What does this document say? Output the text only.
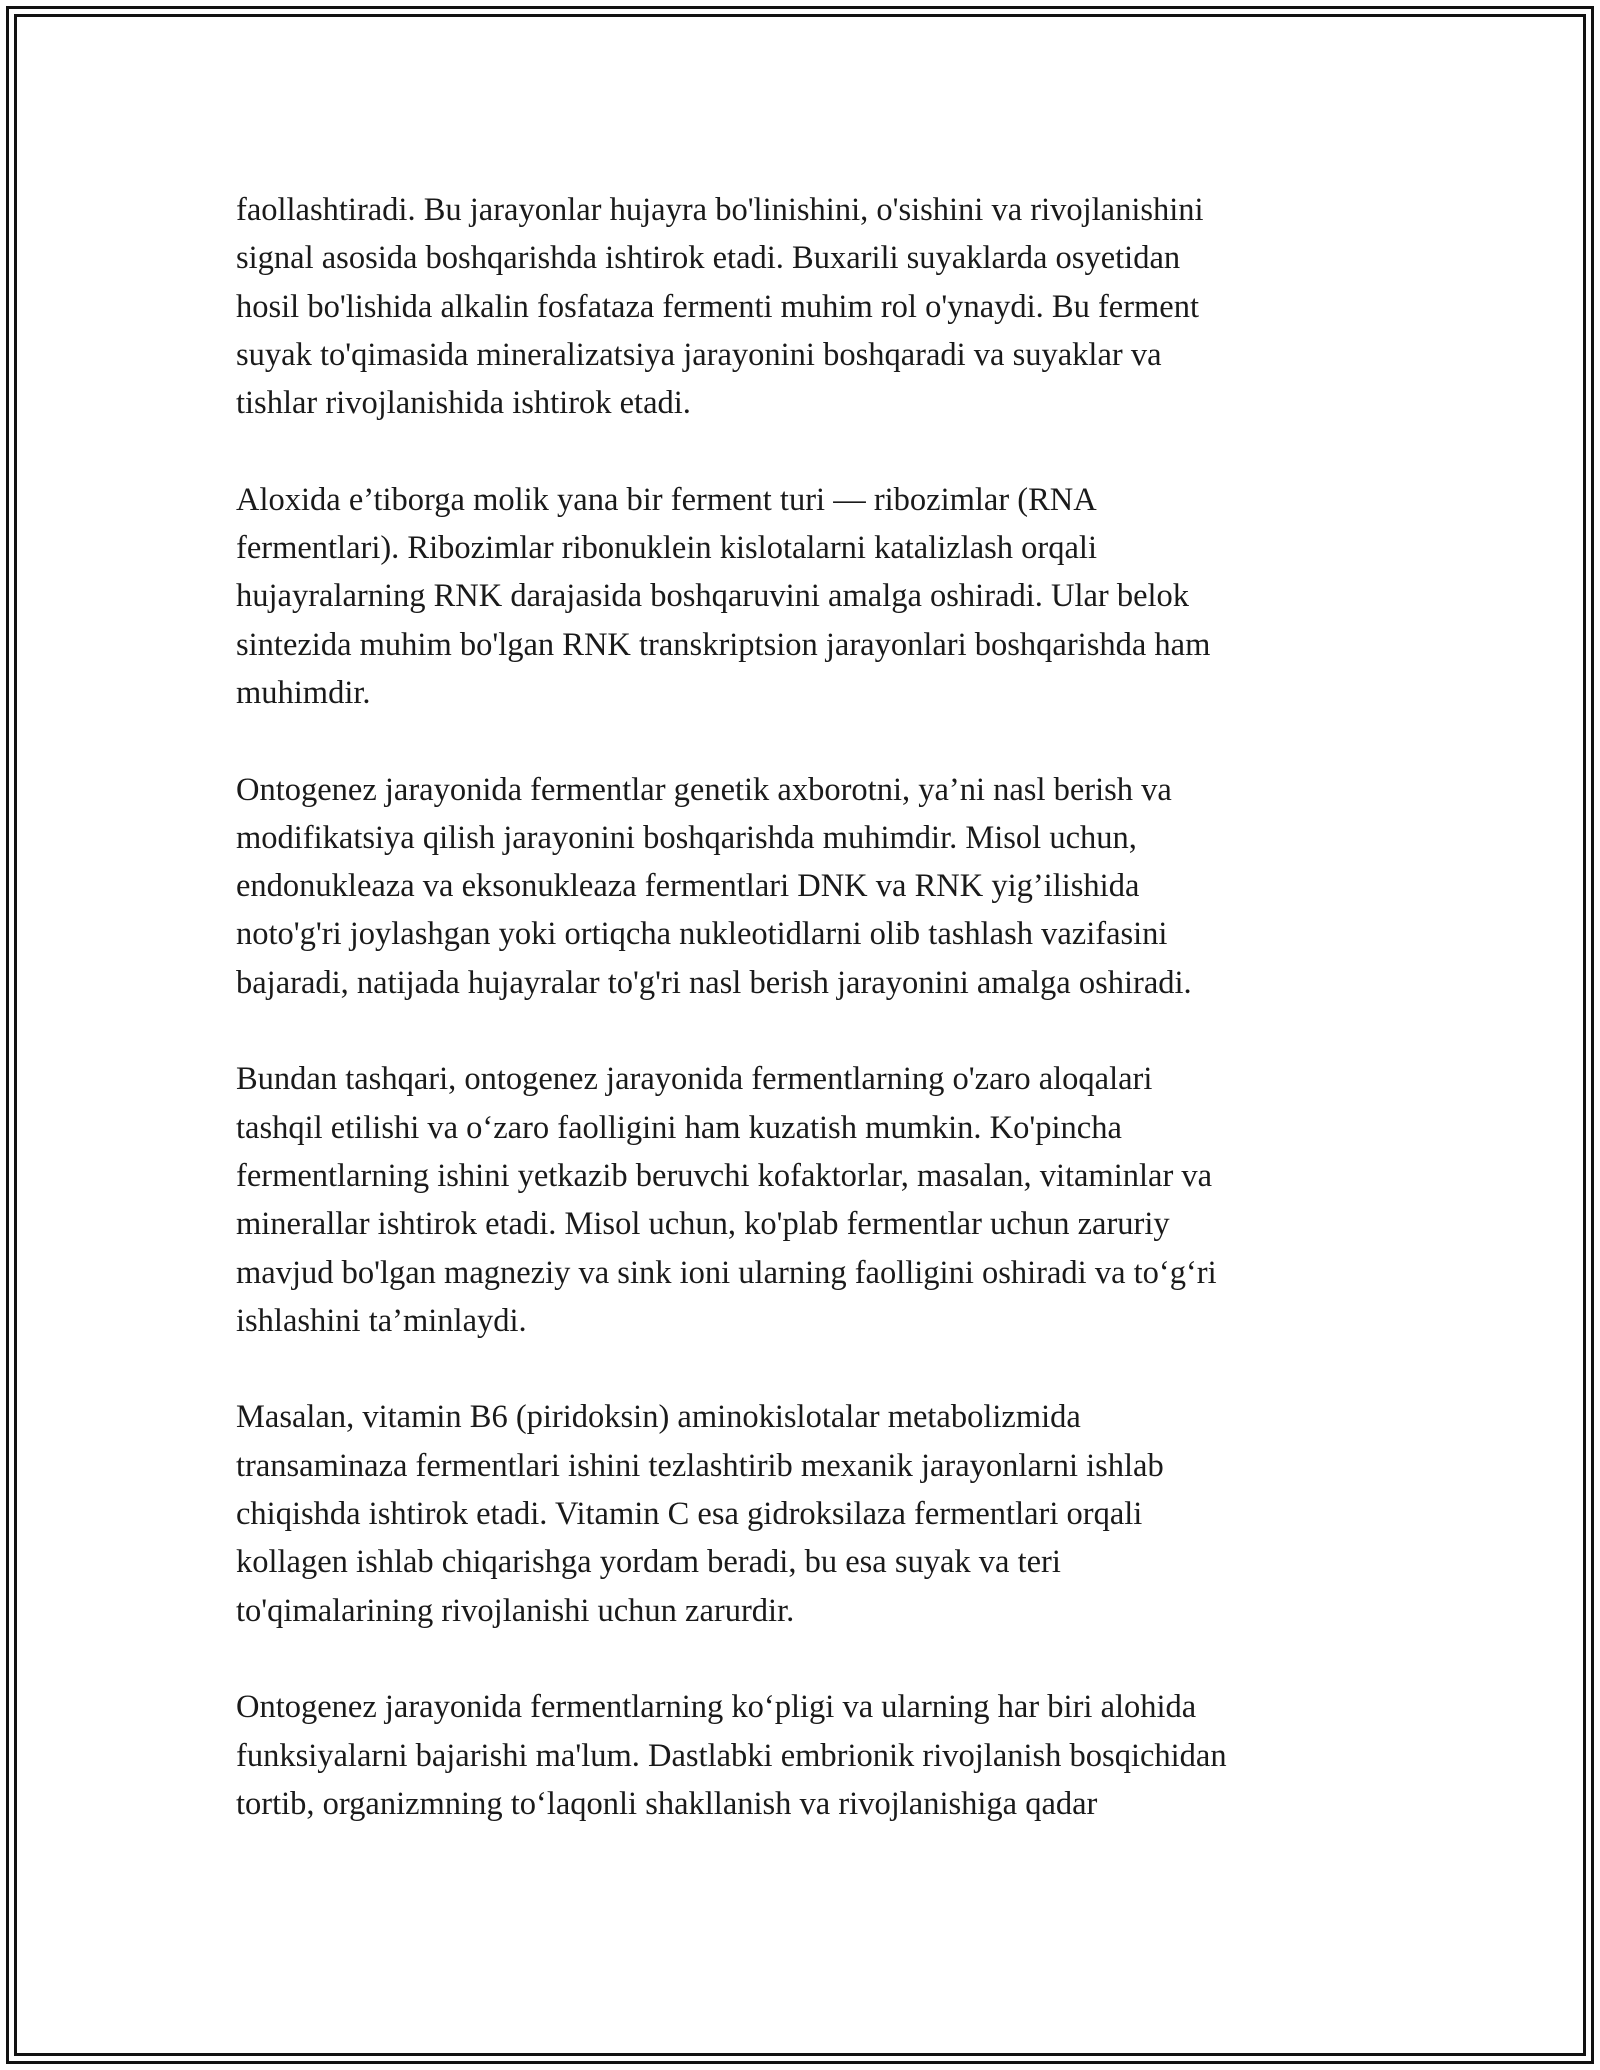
faollashtiradi. Bu jarayonlar hujayra bo'linishini, o'sishini va rivojlanishini
signal asosida boshqarishda ishtirok etadi. Buxarili suyaklarda osyetidan
hosil bo'lishida alkalin fosfataza fermenti muhim rol o'ynaydi. Bu ferment
suyak to'qimasida mineralizatsiya jarayonini boshqaradi va suyaklar va
tishlar rivojlanishida ishtirok etadi.

Aloxida e’tiborga molik yana bir ferment turi — ribozimlar (RNA
fermentlari). Ribozimlar ribonuklein kislotalarni katalizlash orqali
hujayralarning RNK darajasida boshqaruvini amalga oshiradi. Ular belok
sintezida muhim bo'lgan RNK transkriptsion jarayonlari boshqarishda ham
muhimdir.

Ontogenez jarayonida fermentlar genetik axborotni, ya’ni nasl berish va
modifikatsiya qilish jarayonini boshqarishda muhimdir. Misol uchun,
endonukleaza va eksonukleaza fermentlari DNK va RNK yig’ilishida
noto'g'ri joylashgan yoki ortiqcha nukleotidlarni olib tashlash vazifasini
bajaradi, natijada hujayralar to'g'ri nasl berish jarayonini amalga oshiradi.

Bundan tashqari, ontogenez jarayonida fermentlarning o'zaro aloqalari
tashqil etilishi va o‘zaro faolligini ham kuzatish mumkin. Ko'pincha
fermentlarning ishini yetkazib beruvchi kofaktorlar, masalan, vitaminlar va
minerallar ishtirok etadi. Misol uchun, ko'plab fermentlar uchun zaruriy
mavjud bo'lgan magneziy va sink ioni ularning faolligini oshiradi va to‘g‘ri
ishlashini ta’minlaydi.

Masalan, vitamin B6 (piridoksin) aminokislotalar metabolizmida
transaminaza fermentlari ishini tezlashtirib mexanik jarayonlarni ishlab
chiqishda ishtirok etadi. Vitamin C esa gidroksilaza fermentlari orqali
kollagen ishlab chiqarishga yordam beradi, bu esa suyak va teri
to'qimalarining rivojlanishi uchun zarurdir.

Ontogenez jarayonida fermentlarning ko‘pligi va ularning har biri alohida
funksiyalarni bajarishi ma'lum. Dastlabki embrionik rivojlanish bosqichidan
tortib, organizmning to‘laqonli shakllanish va rivojlanishiga qadar
